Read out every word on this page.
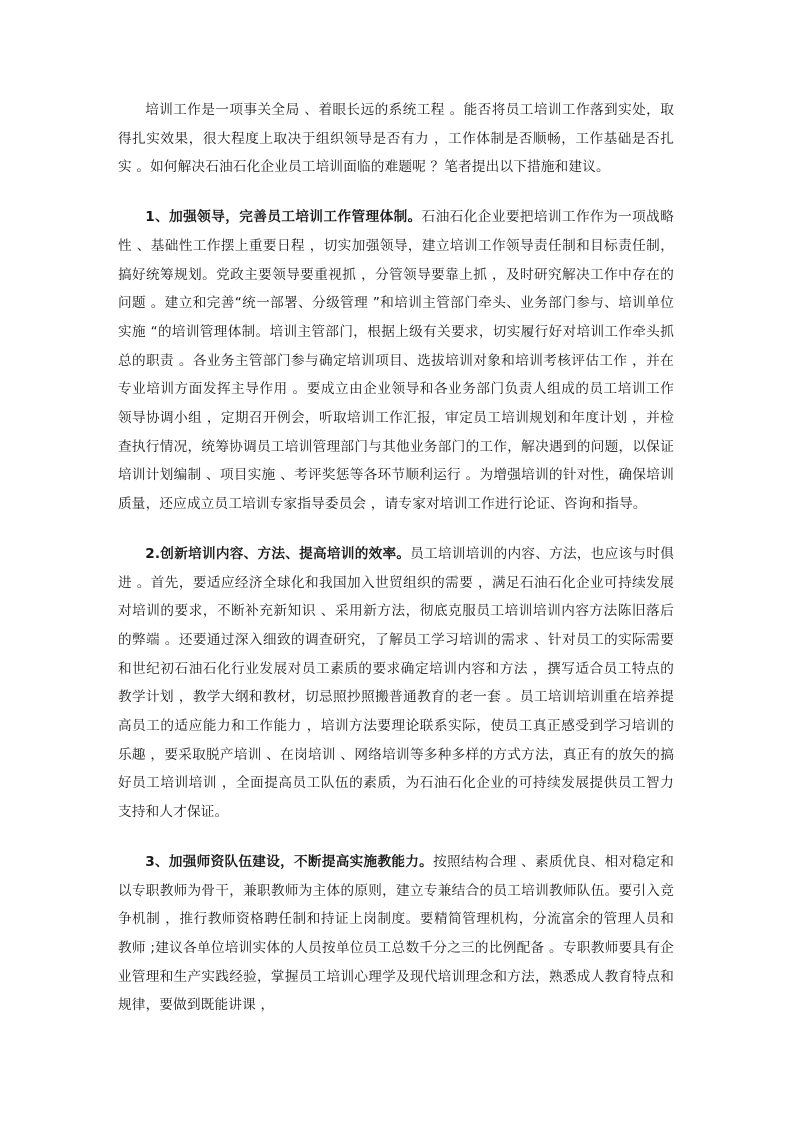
培训工作是一项事关全局 、着眼长远的系统工程 。能否将员工培训工作落到实处，取得扎实效果，很大程度上取决于组织领导是否有力 ，工作体制是否顺畅，工作基础是否扎实 。如何解决石油石化企业员工培训面临的难题呢 ？笔者提出以下措施和建议。

1、加强领导，完善员工培训工作管理体制。石油石化企业要把培训工作作为一项战略性 、基础性工作摆上重要日程 ，切实加强领导，建立培训工作领导责任制和目标责任制，搞好统筹规划。党政主要领导要重视抓 ，分管领导要靠上抓 ，及时研究解决工作中存在的问题 。建立和完善“统一部署、分级管理 ”和培训主管部门牵头、业务部门参与、培训单位实施 “的培训管理体制。培训主管部门，根据上级有关要求，切实履行好对培训工作牵头抓总的职责 。各业务主管部门参与确定培训项目、选拔培训对象和培训考核评估工作 ，并在专业培训方面发挥主导作用 。要成立由企业领导和各业务部门负责人组成的员工培训工作领导协调小组 ，定期召开例会，听取培训工作汇报，审定员工培训规划和年度计划 ，并检查执行情况，统筹协调员工培训管理部门与其他业务部门的工作，解决遇到的问题，以保证培训计划编制 、项目实施 、考评奖惩等各环节顺利运行 。为增强培训的针对性，确保培训质量，还应成立员工培训专家指导委员会 ，请专家对培训工作进行论证、咨询和指导。

2.创新培训内容、方法、提高培训的效率。员工培训培训的内容、方法，也应该与时俱进 。首先，要适应经济全球化和我国加入世贸组织的需要 ，满足石油石化企业可持续发展对培训的要求，不断补充新知识 、采用新方法，彻底克服员工培训培训内容方法陈旧落后的弊端 。还要通过深入细致的调查研究，了解员工学习培训的需求 、针对员工的实际需要和世纪初石油石化行业发展对员工素质的要求确定培训内容和方法 ，撰写适合员工特点的教学计划 ，教学大纲和教材，切忌照抄照搬普通教育的老一套 。员工培训培训重在培养提高员工的适应能力和工作能力 ，培训方法要理论联系实际，使员工真正感受到学习培训的乐趣 ，要采取脱产培训 、在岗培训 、网络培训等多种多样的方式方法，真正有的放矢的搞好员工培训培训 ，全面提高员工队伍的素质，为石油石化企业的可持续发展提供员工智力支持和人才保证。

3、加强师资队伍建设，不断提高实施教能力。按照结构合理 、素质优良、相对稳定和以专职教师为骨干，兼职教师为主体的原则，建立专兼结合的员工培训教师队伍。要引入竞争机制 ，推行教师资格聘任制和持证上岗制度。要精简管理机构，分流富余的管理人员和教师 ;建议各单位培训实体的人员按单位员工总数千分之三的比例配备 。专职教师要具有企业管理和生产实践经验，掌握员工培训心理学及现代培训理念和方法，熟悉成人教育特点和规律，要做到既能讲课 ，
